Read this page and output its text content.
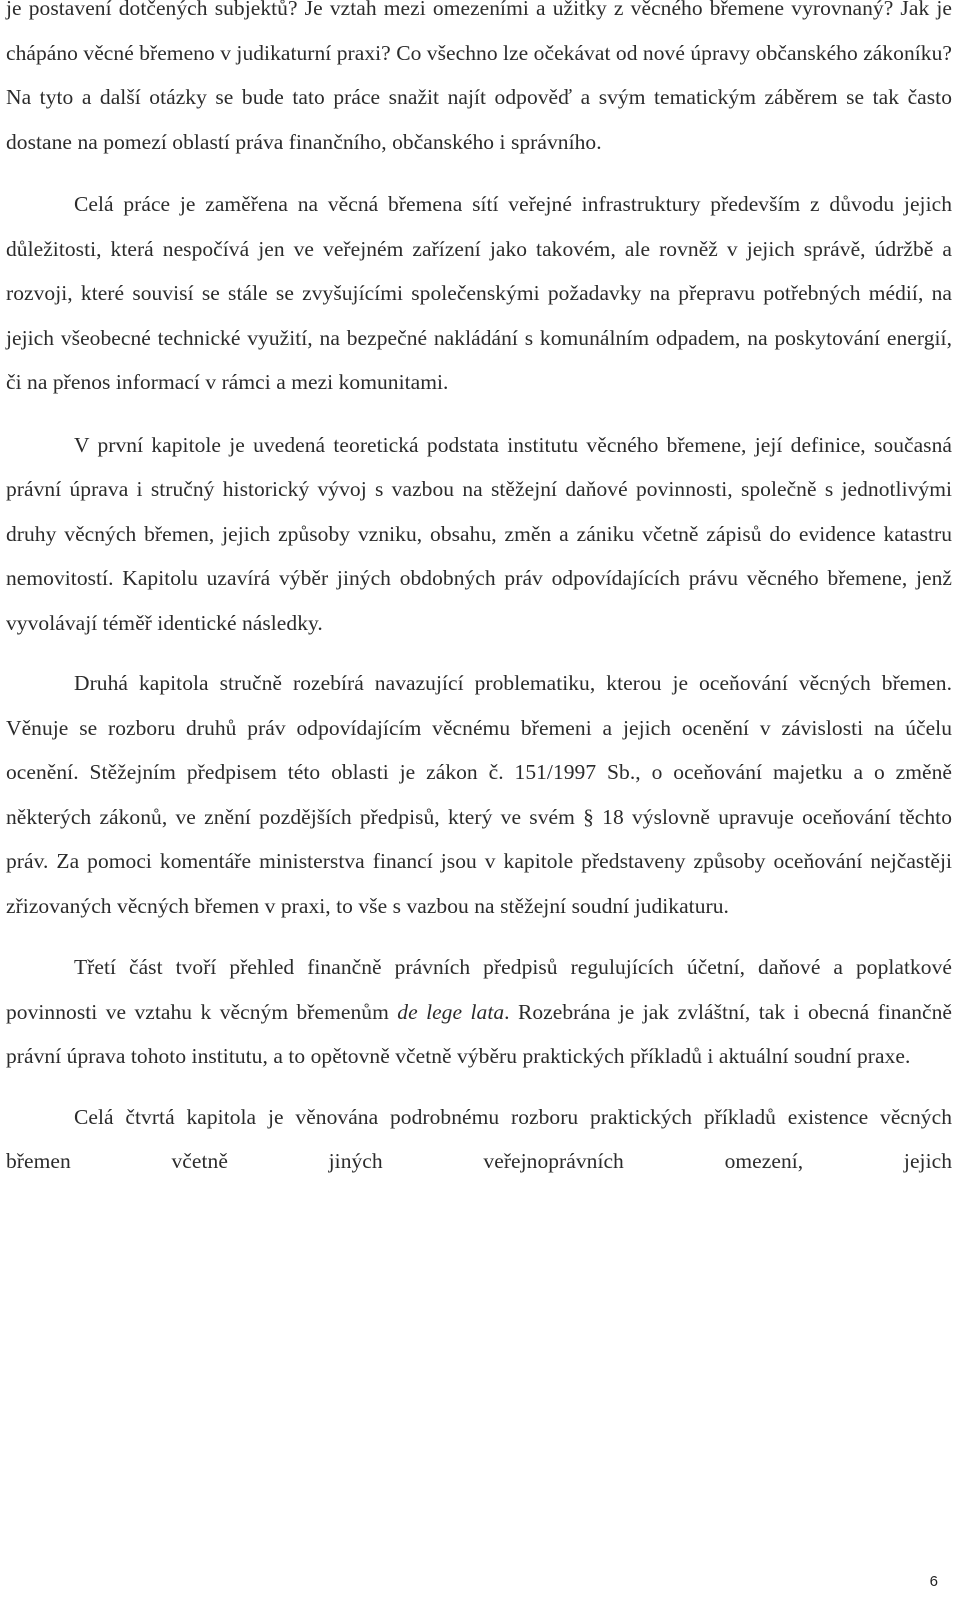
je postavení dotčených subjektů? Je vztah mezi omezeními a užitky z věcného břemene vyrovnaný? Jak je chápáno věcné břemeno v judikaturní praxi? Co všechno lze očekávat od nové úpravy občanského zákoníku? Na tyto a další otázky se bude tato práce snažit najít odpověď a svým tematickým záběrem se tak často dostane na pomezí oblastí práva finančního, občanského i správního.

Celá práce je zaměřena na věcná břemena sítí veřejné infrastruktury především z důvodu jejich důležitosti, která nespočívá jen ve veřejném zařízení jako takovém, ale rovněž v jejich správě, údržbě a rozvoji, které souvisí se stále se zvyšujícími společenskými požadavky na přepravu potřebných médií, na jejich všeobecné technické využití, na bezpečné nakládání s komunálním odpadem, na poskytování energií, či na přenos informací v rámci a mezi komunitami.

V první kapitole je uvedená teoretická podstata institutu věcného břemene, její definice, současná právní úprava i stručný historický vývoj s vazbou na stěžejní daňové povinnosti, společně s jednotlivými druhy věcných břemen, jejich způsoby vzniku, obsahu, změn a zániku včetně zápisů do evidence katastru nemovitostí. Kapitolu uzavírá výběr jiných obdobných práv odpovídajících právu věcného břemene, jenž vyvolávají téměř identické následky.

Druhá kapitola stručně rozebírá navazující problematiku, kterou je oceňování věcných břemen. Věnuje se rozboru druhů práv odpovídajícím věcnému břemeni a jejich ocenění v závislosti na účelu ocenění. Stěžejním předpisem této oblasti je zákon č. 151/1997 Sb., o oceňování majetku a o změně některých zákonů, ve znění pozdějších předpisů, který ve svém § 18 výslovně upravuje oceňování těchto práv. Za pomoci komentáře ministerstva financí jsou v kapitole představeny způsoby oceňování nejčastěji zřizovaných věcných břemen v praxi, to vše s vazbou na stěžejní soudní judikaturu.

Třetí část tvoří přehled finančně právních předpisů regulujících účetní, daňové a poplatkové povinnosti ve vztahu k věcným břemenům de lege lata. Rozebrána je jak zvláštní, tak i obecná finančně právní úprava tohoto institutu, a to opětovně včetně výběru praktických příkladů i aktuální soudní praxe.

Celá čtvrtá kapitola je věnována podrobnému rozboru praktických příkladů existence věcných břemen včetně jiných veřejnoprávních omezení, jejich

6
